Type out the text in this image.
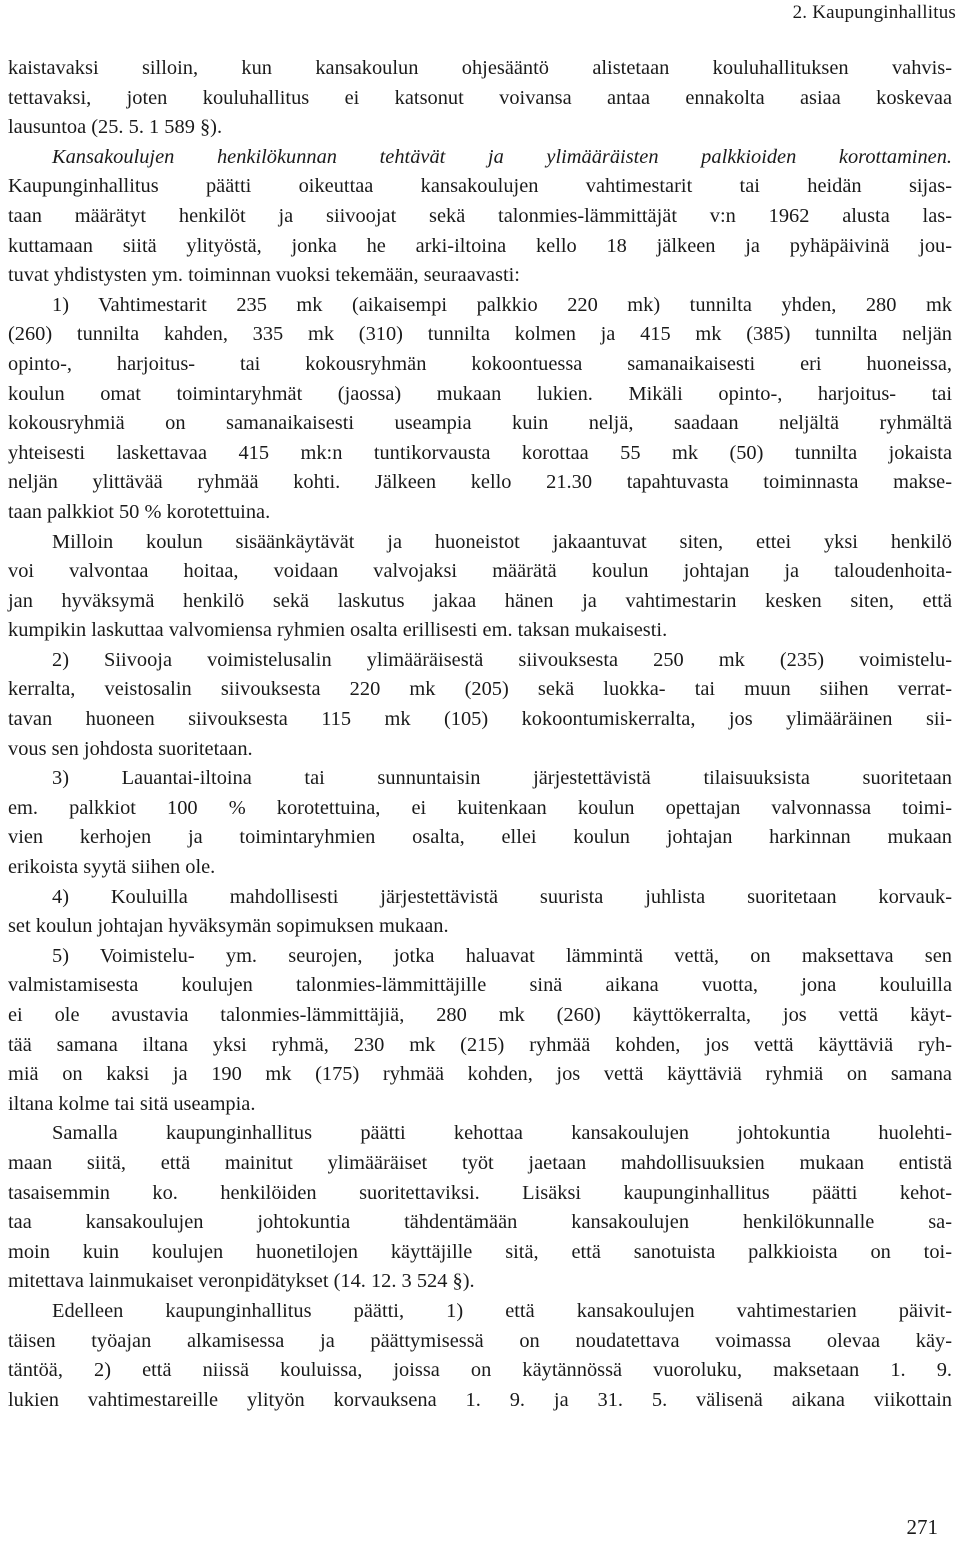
2. Kaupunginhallitus
kaistavaksi silloin, kun kansakoulun ohjesääntö alistetaan kouluhallituksen vahvis-
tettavaksi, joten kouluhallitus ei katsonut voivansa antaa ennakolta asiaa koskevaa
lausuntoa (25. 5. 1 589 §).
Kansakoulujen henkilökunnan tehtävät ja ylimääräisten palkkioiden korottaminen.
Kaupunginhallitus päätti oikeuttaa kansakoulujen vahtimestarit tai heidän sijas-
taan määrätyt henkilöt ja siivoojat sekä talonmies-lämmittäjät v:n 1962 alusta las-
kuttamaan siitä ylityöstä, jonka he arki-iltoina kello 18 jälkeen ja pyhäpäivinä jou-
tuvat yhdistysten ym. toiminnan vuoksi tekemään, seuraavasti:
1) Vahtimestarit 235 mk (aikaisempi palkkio 220 mk) tunnilta yhden, 280 mk
(260) tunnilta kahden, 335 mk (310) tunnilta kolmen ja 415 mk (385) tunnilta neljän
opinto-, harjoitus- tai kokousryhmän kokoontuessa samanaikaisesti eri huoneissa,
koulun omat toimintaryhmät (jaossa) mukaan lukien. Mikäli opinto-, harjoitus- tai
kokousryhmiä on samanaikaisesti useampia kuin neljä, saadaan neljältä ryhmältä
yhteisesti laskettavaa 415 mk:n tuntikorvausta korottaa 55 mk (50) tunnilta jokaista
neljän ylittävää ryhmää kohti. Jälkeen kello 21.30 tapahtuvasta toiminnasta makse-
taan palkkiot 50 % korotettuina.
Milloin koulun sisäänkäytävät ja huoneistot jakaantuvat siten, ettei yksi henkilö
voi valvontaa hoitaa, voidaan valvojaksi määrätä koulun johtajan ja taloudenhoita-
jan hyväksymä henkilö sekä laskutus jakaa hänen ja vahtimestarin kesken siten, että
kumpikin laskuttaa valvomiensa ryhmien osalta erillisesti em. taksan mukaisesti.
2) Siivooja voimistelusalin ylimääräisestä siivouksesta 250 mk (235) voimistelu-
kerralta, veistosalin siivouksesta 220 mk (205) sekä luokka- tai muun siihen verrat-
tavan huoneen siivouksesta 115 mk (105) kokoontumiskerralta, jos ylimääräinen sii-
vous sen johdosta suoritetaan.
3) Lauantai-iltoina tai sunnuntaisin järjestettävistä tilaisuuksista suoritetaan
em. palkkiot 100 % korotettuina, ei kuitenkaan koulun opettajan valvonnassa toimi-
vien kerhojen ja toimintaryhmien osalta, ellei koulun johtajan harkinnan mukaan
erikoista syytä siihen ole.
4) Kouluilla mahdollisesti järjestettävistä suurista juhlista suoritetaan korvauk-
set koulun johtajan hyväksymän sopimuksen mukaan.
5) Voimistelu- ym. seurojen, jotka haluavat lämmintä vettä, on maksettava sen
valmistamisesta koulujen talonmies-lämmittäjille sinä aikana vuotta, jona kouluilla
ei ole avustavia talonmies-lämmittäjiä, 280 mk (260) käyttökerralta, jos vettä käyt-
tää samana iltana yksi ryhmä, 230 mk (215) ryhmää kohden, jos vettä käyttäviä ryh-
miä on kaksi ja 190 mk (175) ryhmää kohden, jos vettä käyttäviä ryhmiä on samana
iltana kolme tai sitä useampia.
Samalla kaupunginhallitus päätti kehottaa kansakoulujen johtokuntia huolehti-
maan siitä, että mainitut ylimääräiset työt jaetaan mahdollisuuksien mukaan entistä
tasaisemmin ko. henkilöiden suoritettaviksi. Lisäksi kaupunginhallitus päätti kehot-
taa kansakoulujen johtokuntia tähdentämään kansakoulujen henkilökunnalle sa-
moin kuin koulujen huonetilojen käyttäjille sitä, että sanotuista palkkioista on toi-
mitettava lainmukaiset veronpidätykset (14. 12. 3 524 §).
Edelleen kaupunginhallitus päätti, 1) että kansakoulujen vahtimestarien päivit-
täisen työajan alkamisessa ja päättymisessä on noudatettava voimassa olevaa käy-
täntöä, 2) että niissä kouluissa, joissa on käytännössä vuoroluku, maksetaan 1. 9.
lukien vahtimestareille ylityön korvauksena 1. 9. ja 31. 5. välisenä aikana viikottain
271
